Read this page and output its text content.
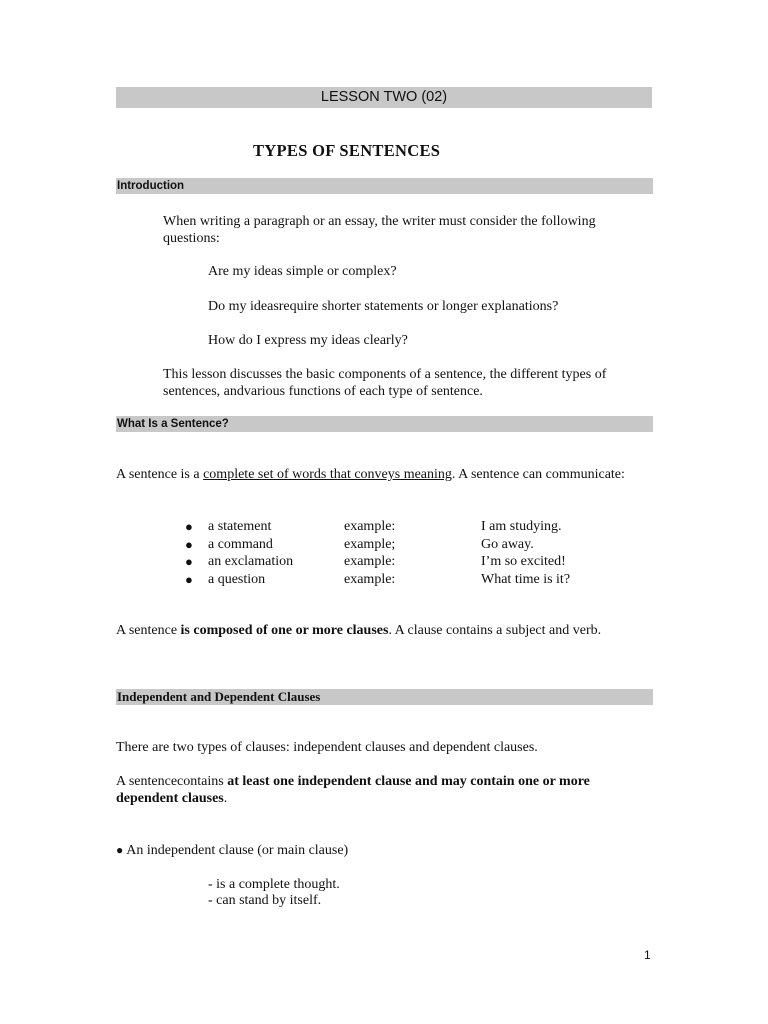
LESSON TWO (02)
TYPES OF SENTENCES
Introduction
When writing a paragraph or an essay, the writer must consider the following questions:
Are my ideas simple or complex?
Do my ideasrequire shorter statements or longer explanations?
How do I express my ideas clearly?
This lesson discusses the basic components of a sentence, the different types of sentences, andvarious functions of each type of sentence.
What Is a Sentence?
A sentence is a complete set of words that conveys meaning. A sentence can communicate:
● a statement	example:	I am studying.
● a command	example;	Go away.
● an exclamation	example:	I’m so excited!
● a question	example:	What time is it?
A sentence is composed of one or more clauses. A clause contains a subject and verb.
Independent and Dependent Clauses
There are two types of clauses: independent clauses and dependent clauses.
A sentencecontains at least one independent clause and may contain one or more dependent clauses.
● An independent clause (or main clause)
- is a complete thought.
- can stand by itself.
1
